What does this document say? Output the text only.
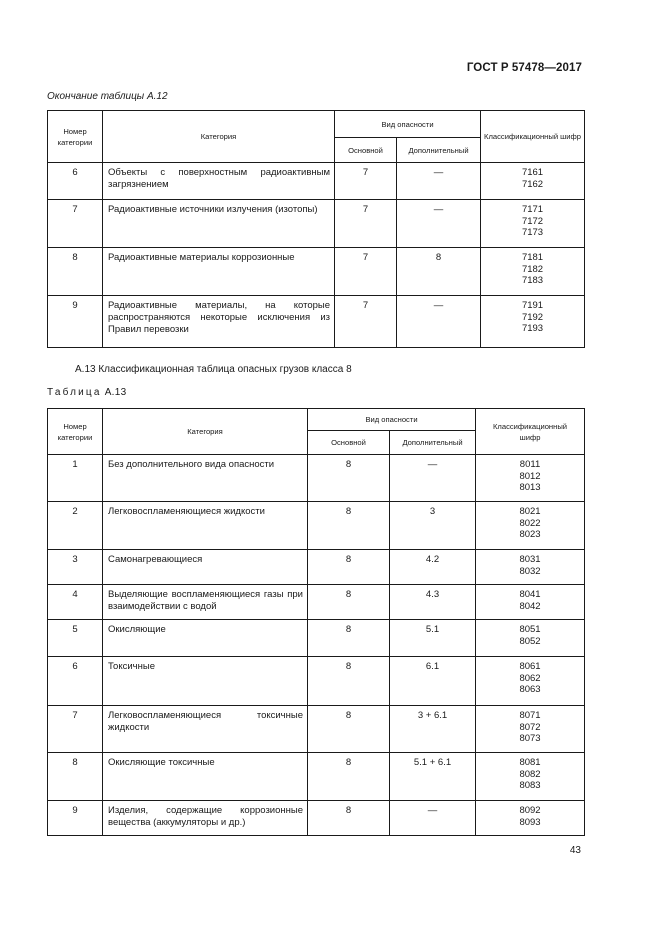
ГОСТ Р 57478—2017
Окончание таблицы А.12
Номер категории	Категория	Вид опасности		Классификационный шифр
		Основной	Дополнительный	
6	Объекты с поверхностным радиоактивным загрязнением	7	—	7161
7162

7	Радиоактивные источники излучения (изотопы)	7	—	7171
7172
7173

8	Радиоактивные материалы коррозионные	7	8	7181
7182
7183

9	Радиоактивные материалы, на которые распространяются некоторые исключения из Правил перевозки	7	—	7191
7192
7193
А.13 Классификационная таблица опасных грузов класса 8
Таблица А.13
Номер категории	Категория	Вид опасности		Классификационный шифр
		Основной	Дополнительный	
1	Без дополнительного вида опасности	8	—	8011
8012
8013

2	Легковоспламеняющиеся жидкости	8	3	8021
8022
8023

3	Самонагревающиеся	8	4.2	8031
8032

4	Выделяющие воспламеняющиеся газы при взаимодействии с водой	8	4.3	8041
8042

5	Окисляющие	8	5.1	8051
8052

6	Токсичные	8	6.1	8061
8062
8063

7	Легковоспламеняющиеся токсичные жидкости	8	3 + 6.1	8071
8072
8073

8	Окисляющие токсичные	8	5.1 + 6.1	8081
8082
8083

9	Изделия, содержащие коррозионные вещества (аккумуляторы и др.)	8	—	8092
8093
43
